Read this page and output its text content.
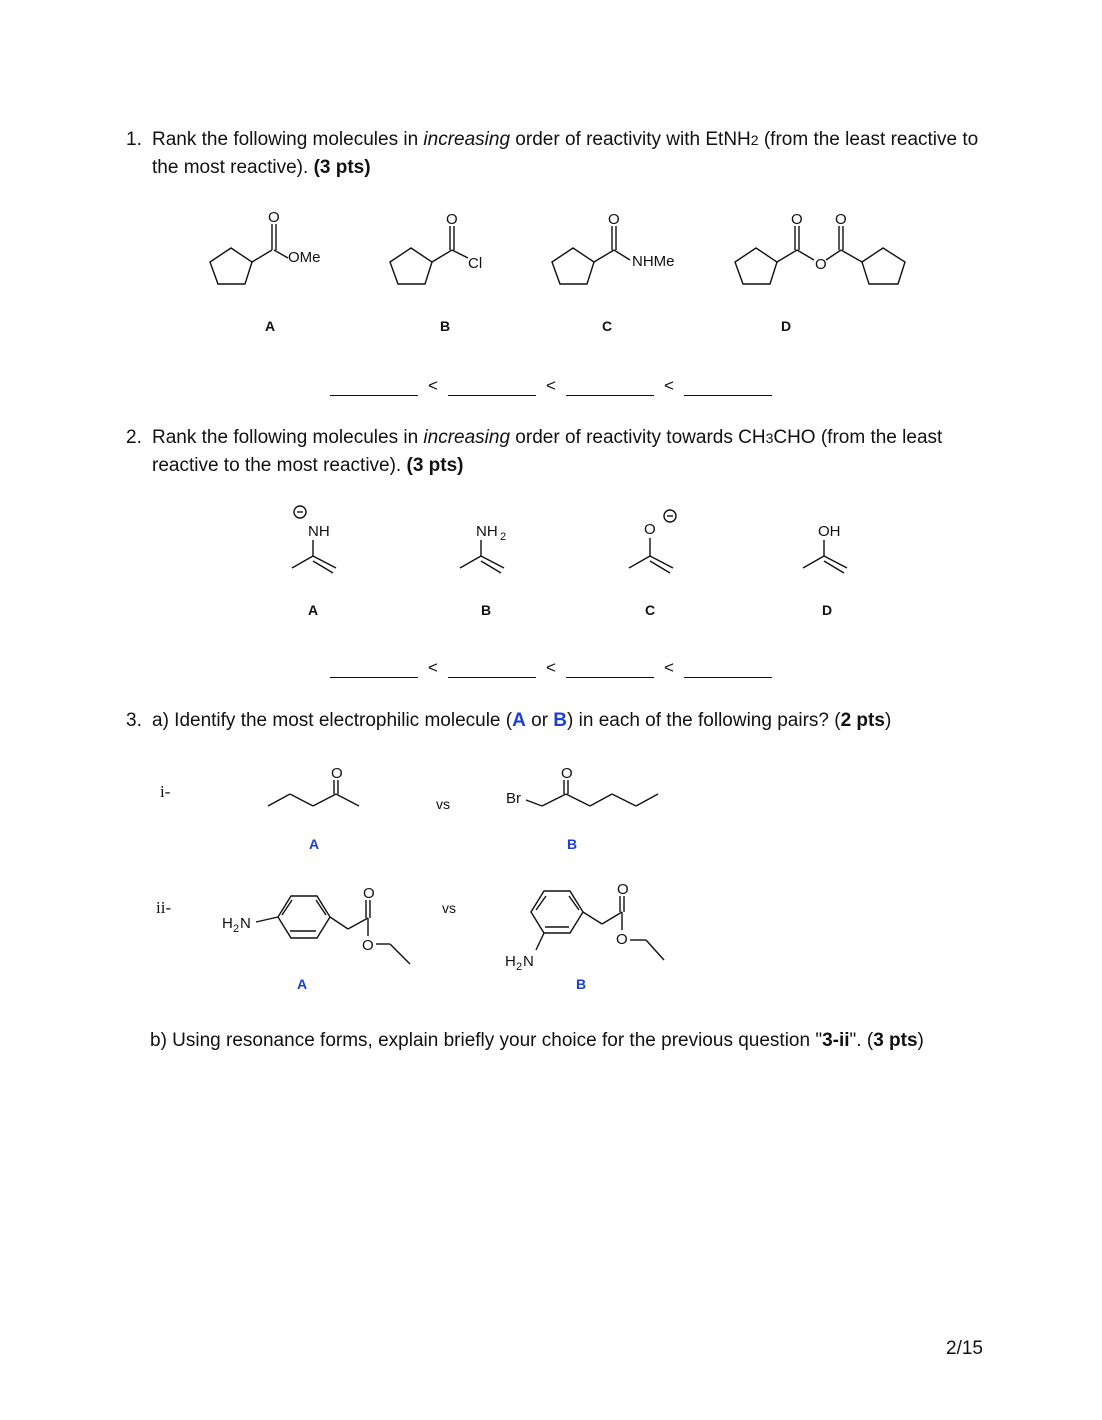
1. Rank the following molecules in increasing order of reactivity with EtNH2 (from the least reactive to the most reactive). (3 pts)
O
OMe
O
Cl
O
NHMe
O O
O
A	B	C	D
<	<	<
2. Rank the following molecules in increasing order of reactivity towards CH3CHO (from the least reactive to the most reactive). (3 pts)
NH	NH 2	O	OH
A	B	C	D
<	<	<
3. a) Identify the most electrophilic molecule (A or B) in each of the following pairs? (2 pts)
i-
ii-
vs
vs
O
Br
O
H 2 N
O
O
H 2 N
O
O
A	B
A	B
b) Using resonance forms, explain briefly your choice for the previous question "3-ii". (3 pts)
2/15
